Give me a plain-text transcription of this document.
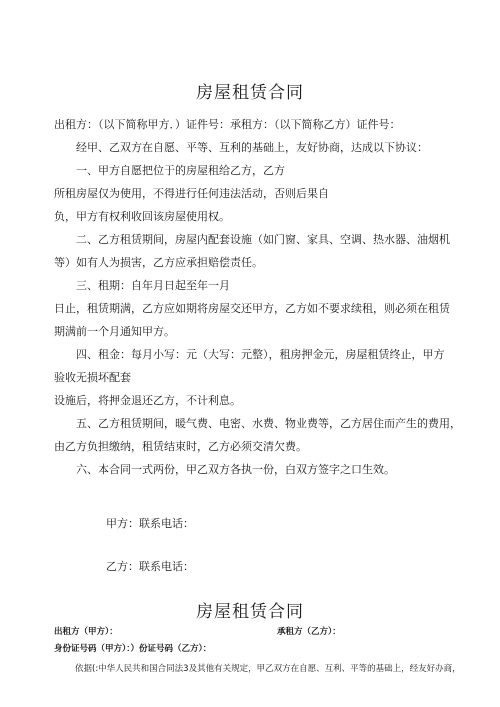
房屋租赁合同
出租方：（以下简称甲方．）证件号：承租方：（以下简称乙方）证件号：
经甲、乙双方在自愿、平等、互利的基础上，友好协商，达成以下协议：
一、甲方自愿把位于的房屋租给乙方，乙方
所租房屋仅为使用，不得进行任何违法活动，否则后果自
负，甲方有权利收回该房屋使用权。
二、乙方租赁期间，房屋内配套设施（如门窗、家具、空调、热水器、油烟机
等）如有人为损害，乙方应承担赔偿责任。
三、租期：自年月日起至年一月
日止，租赁期满，乙方应如期将房屋交还甲方，乙方如不要求续租，则必须在租赁
期满前一个月通知甲方。
四、租金：每月小写：元（大写：元整），租房押金元，房屋租赁终止，甲方
验收无损坏配套
设施后，将押金退还乙方，不计利息。
五、乙方租赁期间，暖气费、电密、水费、物业费等，乙方居住而产生的费用，
由乙方负担缴纳，租赁结束时，乙方必须交清欠费。
六、本合同一式两份，甲乙双方各执一份，白双方签字之口生效。
甲方：联系电话：
乙方：联系电话：
房屋租赁合同
出租方（甲方）：	承租方（乙方）：
身份证号码（甲方）：）份证号码（乙方）：
依据(:中华人民共和国合同法3及其他有关规定，甲乙双方在自愿、互利、平等的基础上，经友好办商，
